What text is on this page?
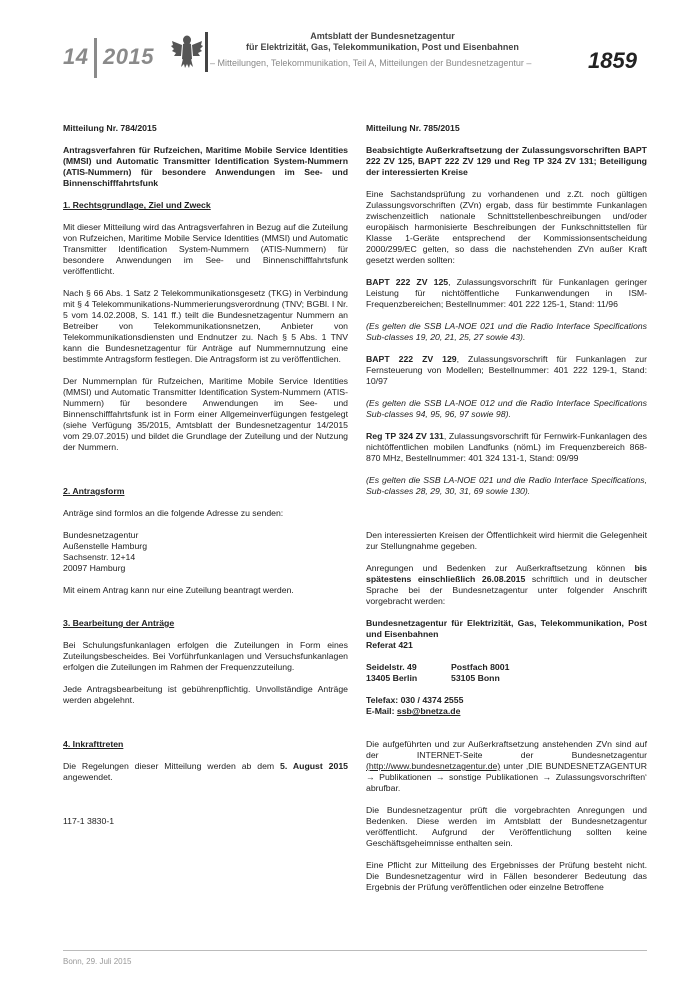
14 2015
Amtsblatt der Bundesnetzagentur
für Elektrizität, Gas, Telekommunikation, Post und Eisenbahnen
– Mitteilungen, Telekommunikation, Teil A, Mitteilungen der Bundesnetzagentur –	1859

Mitteilung Nr. 784/2015

Antragsverfahren für Rufzeichen, Maritime Mobile Service Identities (MMSI) und Automatic Transmitter Identification System-Nummern (ATIS-Nummern) für besondere Anwendungen im See- und Binnenschifffahrtsfunk

1. Rechtsgrundlage, Ziel und Zweck

Mit dieser Mitteilung wird das Antragsverfahren in Bezug auf die Zuteilung von Rufzeichen, Maritime Mobile Service Identities (MMSI) und Automatic Transmitter Identification System-Nummern (ATIS-Nummern) für besondere Anwendungen im See- und Binnenschifffahrtsfunk veröffentlicht.

Nach § 66 Abs. 1 Satz 2 Telekommunikationsgesetz (TKG) in Verbindung mit § 4 Telekommunikations-Nummerierungsverordnung (TNV; BGBl. I Nr. 5 vom 14.02.2008, S. 141 ff.) teilt die Bundesnetzagentur Nummern an Betreiber von Telekommunikationsnetzen, Anbieter von Telekommunikationsdiensten und Endnutzer zu. Nach § 5 Abs. 1 TNV kann die Bundesnetzagentur für Anträge auf Nummernnutzung eine bestimmte Antragsform festlegen. Die Antragsform ist zu veröffentlichen.

Der Nummernplan für Rufzeichen, Maritime Mobile Service Identities (MMSI) und Automatic Transmitter Identification System-Nummern (ATIS-Nummern) für besondere Anwendungen im See- und Binnenschifffahrtsfunk ist in Form einer Allgemeinverfügungen festgelegt (siehe Verfügung 35/2015, Amtsblatt der Bundesnetzagentur 14/2015 vom 29.07.2015) und bildet die Grundlage der Zuteilung und der Nutzung der Nummern.

2. Antragsform

Anträge sind formlos an die folgende Adresse zu senden:

Bundesnetzagentur

Außenstelle Hamburg

Sachsenstr. 12+14

20097 Hamburg

Mit einem Antrag kann nur eine Zuteilung beantragt werden.

3. Bearbeitung der Anträge

Bei Schulungsfunkanlagen erfolgen die Zuteilungen in Form eines Zuteilungsbescheides. Bei Vorführfunkanlagen und Versuchsfunkanlagen erfolgen die Zuteilungen im Rahmen der Frequenzzuteilung.

Jede Antragsbearbeitung ist gebührenpflichtig. Unvollständige Anträge werden abgelehnt.

4. Inkrafttreten

Die Regelungen dieser Mitteilung werden ab dem 5. August 2015 angewendet.

117-1 3830-1

Mitteilung Nr. 785/2015

Beabsichtigte Außerkraftsetzung der Zulassungsvorschriften BAPT 222 ZV 125, BAPT 222 ZV 129 und Reg TP 324 ZV 131; Beteiligung der interessierten Kreise

Eine Sachstandsprüfung zu vorhandenen und z.Zt. noch gültigen Zulassungsvorschriften (ZVn) ergab, dass für bestimmte Funkanlagen zwischenzeitlich nationale Schnittstellenbeschreibungen und/oder europäisch harmonisierte Beschreibungen der Funkschnittstellen für Klasse 1-Geräte entsprechend der Kommissionsentscheidung 2000/299/EC gelten, so dass die nachstehenden ZVn außer Kraft gesetzt werden sollten:

BAPT 222 ZV 125, Zulassungsvorschrift für Funkanlagen geringer Leistung für nichtöffentliche Funkanwendungen in ISM-Frequenzbereichen; Bestellnummer: 401 222 125-1, Stand: 11/96

(Es gelten die SSB LA-NOE 021 und die Radio Interface Specifications Sub-classes 19, 20, 21, 25, 27 sowie 43).

BAPT 222 ZV 129, Zulassungsvorschrift für Funkanlagen zur Fernsteuerung von Modellen; Bestellnummer: 401 222 129-1, Stand: 10/97

(Es gelten die SSB LA-NOE 012 und die Radio Interface Specifications Sub-classes 94, 95, 96, 97 sowie 98).

Reg TP 324 ZV 131, Zulassungsvorschrift für Fernwirk-Funkanlagen des nichtöffentlichen mobilen Landfunks (nömL) im Frequenzbereich 868-870 MHz, Bestellnummer: 401 324 131-1, Stand: 09/99

(Es gelten die SSB LA-NOE 021 und die Radio Interface Specifications, Sub-classes 28, 29, 30, 31, 69 sowie 130).

Den interessierten Kreisen der Öffentlichkeit wird hiermit die Gelegenheit zur Stellungnahme gegeben.

Anregungen und Bedenken zur Außerkraftsetzung können bis spätestens einschließlich 26.08.2015 schriftlich und in deutscher Sprache bei der Bundesnetzagentur unter folgender Anschrift vorgebracht werden:

Bundesnetzagentur für Elektrizität, Gas, Telekommunikation, Post und Eisenbahnen

Referat 421

Seidelstr. 49

13405 Berlin

Postfach 8001

53105 Bonn

Telefax: 030 / 4374 2555

E-Mail: ssb@bnetza.de

Die aufgeführten und zur Außerkraftsetzung anstehenden ZVn sind auf der INTERNET-Seite der Bundesnetzagentur (http://www.bundesnetzagentur.de) unter ‚DIE BUNDESNETZAGENTUR → Publikationen → sonstige Publikationen → Zulassungsvorschriften‘ abrufbar.

Die Bundesnetzagentur prüft die vorgebrachten Anregungen und Bedenken. Diese werden im Amtsblatt der Bundesnetzagentur veröffentlicht. Aufgrund der Veröffentlichung sollten keine Geschäftsgeheimnisse enthalten sein.

Eine Pflicht zur Mitteilung des Ergebnisses der Prüfung besteht nicht. Die Bundesnetzagentur wird in Fällen besonderer Bedeutung das Ergebnis der Prüfung veröffentlichen oder einzelne Betroffene

Bonn, 29. Juli 2015
